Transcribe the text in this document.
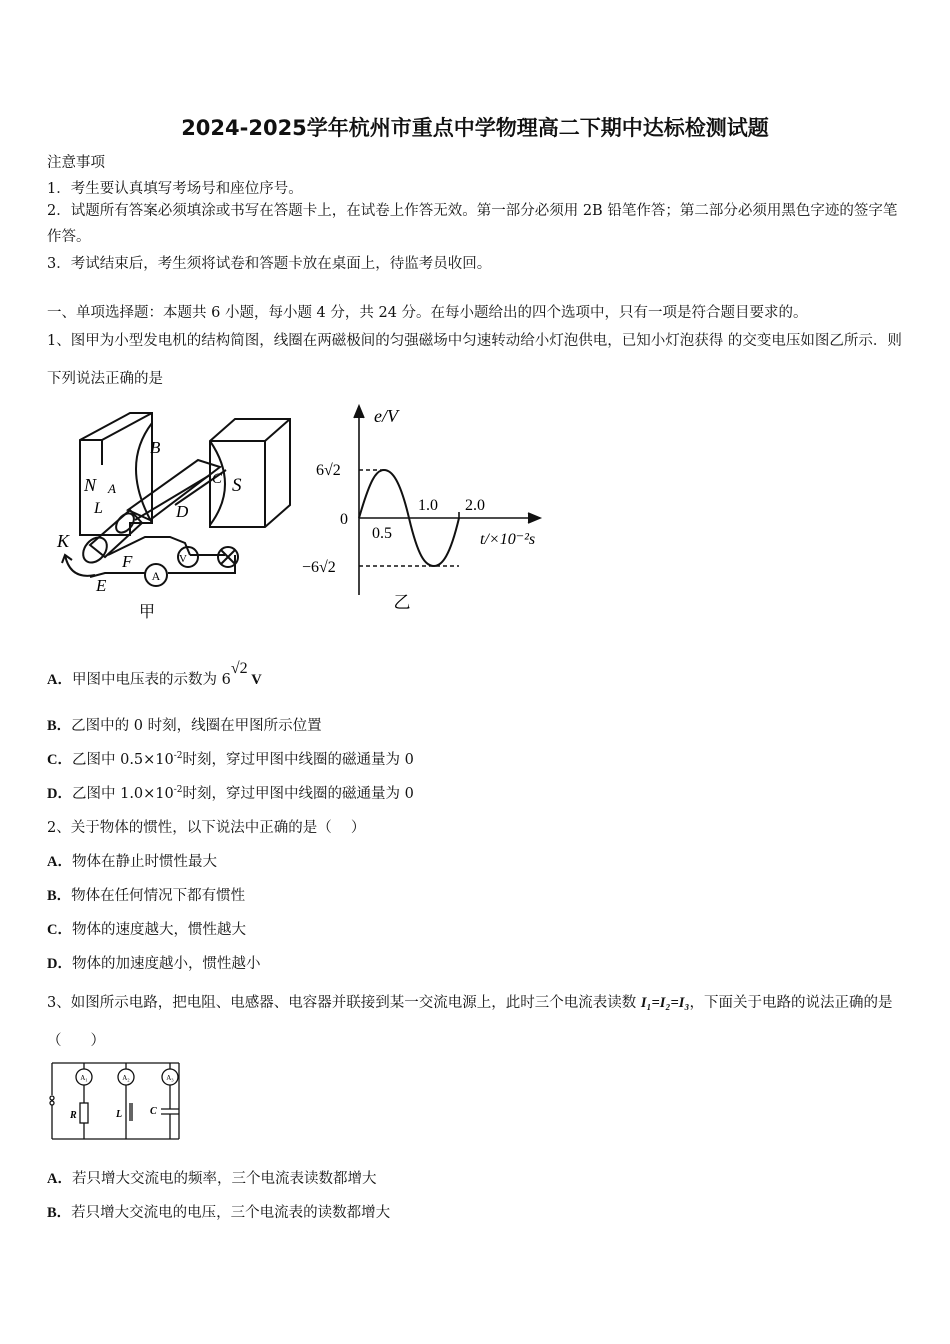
2024-2025学年杭州市重点中学物理高二下期中达标检测试题
注意事项
1．考生要认真填写考场号和座位序号。
2．试题所有答案必须填涂或书写在答题卡上，在试卷上作答无效。第一部分必须用 2B 铅笔作答；第二部分必须用黑色字迹的签字笔作答。
3．考试结束后，考生须将试卷和答题卡放在桌面上，待监考员收回。
一、单项选择题：本题共 6 小题，每小题 4 分，共 24 分。在每小题给出的四个选项中，只有一项是符合题目要求的。
1、图甲为小型发电机的结构简图，线圈在两磁极间的匀强磁场中匀速转动给小灯泡供电，已知小灯泡获得 的交变电压如图乙所示．则下列说法正确的是
B
N A
L
C S
D
K
F
E
V
A
甲
e/V
t/×10⁻²s
6√2
0
−6√2
0.5
1.0 2.0
乙
A．甲图中电压表的示数为 6√2 V
B．乙图中的 0 时刻，线圈在甲图所示位置
C．乙图中 $0.5\times 10^{-2}$时刻，穿过甲图中线圈的磁通量为 0
D．乙图中 $1.0\times 10^{-2}$时刻，穿过甲图中线圈的磁通量为 0
2、关于物体的惯性，以下说法中正确的是（　 ）
A．物体在静止时惯性最大
B．物体在任何情况下都有惯性
C．物体的速度越大，惯性越大
D．物体的加速度越小，惯性越小
3、如图所示电路，把电阻、电感器、电容器并联接到某一交流电源上，此时三个电流表读数 I₁=I₂=I₃，下面关于电路的说法正确的是（　　）
A₁	A₂	A₃
R	L	C
A．若只增大交流电的频率，三个电流表读数都增大
B．若只增大交流电的电压，三个电流表的读数都增大
